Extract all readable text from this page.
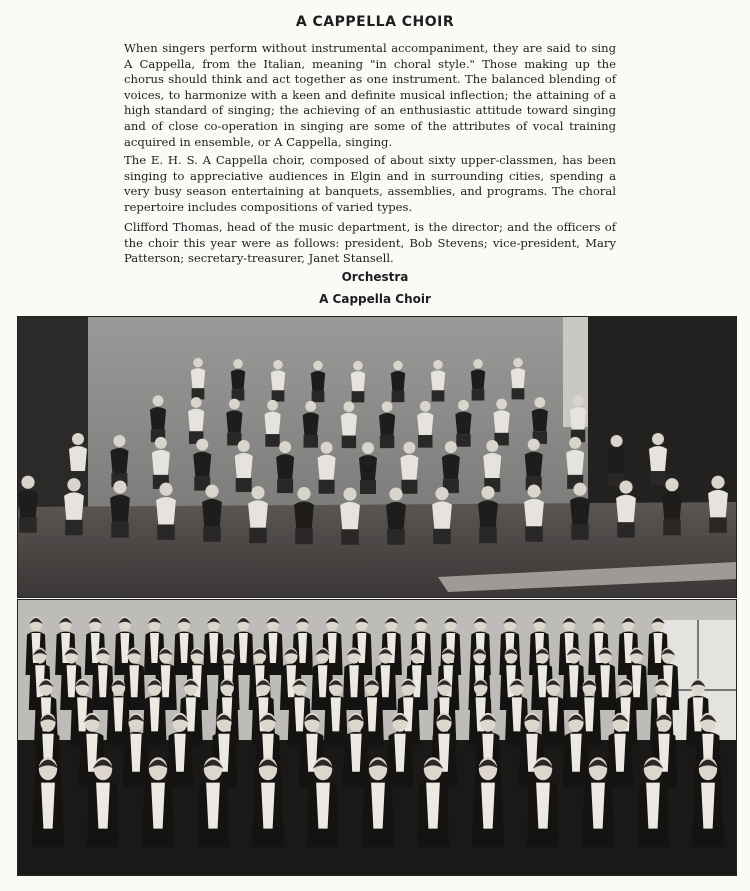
A CAPPELLA CHOIR

When singers perform without instrumental accompaniment, they are said to sing A Cappella, from the Italian, meaning "in choral style." Those making up the chorus should think and act together as one instrument. The balanced blending of voices, to harmonize with a keen and definite musical inflection; the attaining of a high standard of singing; the achieving of an enthusiastic attitude toward singing and of close co-operation in singing are some of the attributes of vocal training acquired in ensemble, or A Cappella, singing.

The E. H. S. A Cappella choir, composed of about sixty upper-classmen, has been singing to appreciative audiences in Elgin and in surrounding cities, spending a very busy season entertaining at banquets, assemblies, and programs. The choral repertoire includes compositions of varied types.

Clifford Thomas, head of the music department, is the director; and the officers of the choir this year were as follows: president, Bob Stevens; vice-president, Mary Patterson; secretary-treasurer, Janet Stansell.

Orchestra
A Cappella Choir
